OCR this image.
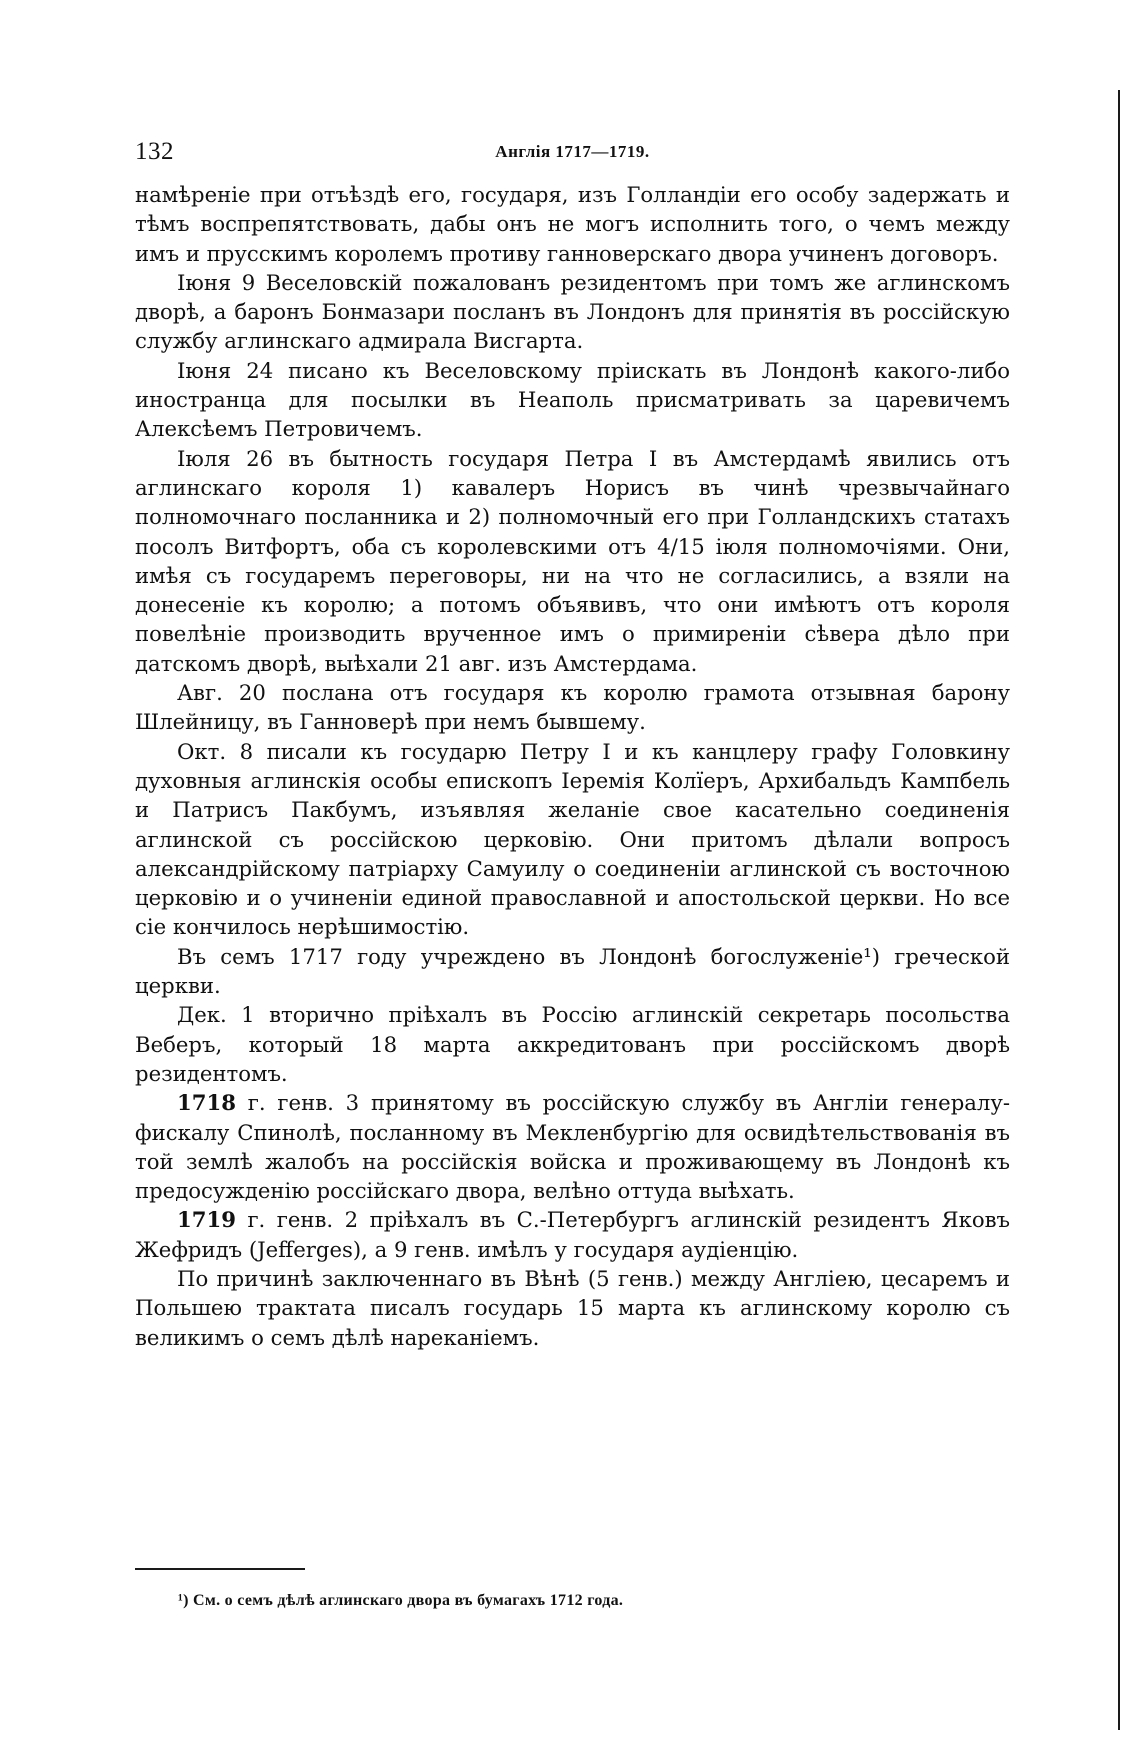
132	Англія 1717—1719.

намѣреніе при отъѣздѣ его, государя, изъ Голландіи его особу задержать и тѣмъ воспрепятствовать, дабы онъ не могъ исполнить того, о чемъ между имъ и прусскимъ королемъ противу ганноверскаго двора учиненъ договоръ.

Іюня 9 Веселовскій пожалованъ резидентомъ при томъ же аглинскомъ дворѣ, а баронъ Бонмазари посланъ въ Лондонъ для принятія въ россійскую службу аглинскаго адмирала Висгарта.

Іюня 24 писано къ Веселовскому пріискать въ Лондонѣ какого-либо иностранца для посылки въ Неаполь присматривать за царевичемъ Алексѣемъ Петровичемъ.

Іюля 26 въ бытность государя Петра I въ Амстердамѣ явились отъ аглинскаго короля 1) кавалеръ Норисъ въ чинѣ чрезвычайнаго полномочнаго посланника и 2) полномочный его при Голландскихъ статахъ посолъ Витфортъ, оба съ королевскими отъ 4/15 іюля полномочіями. Они, имѣя съ государемъ переговоры, ни на что не согласились, а взяли на донесеніе къ королю; а потомъ объявивъ, что они имѣютъ отъ короля повелѣніе производить врученное имъ о примиреніи сѣвера дѣло при датскомъ дворѣ, выѣхали 21 авг. изъ Амстердама.

Авг. 20 послана отъ государя къ королю грамота отзывная барону Шлейницу, въ Ганноверѣ при немъ бывшему.

Окт. 8 писали къ государю Петру I и къ канцлеру графу Головкину духовныя аглинскія особы епископъ Іеремія Колїеръ, Архибальдъ Кампбель и Патрисъ Пакбумъ, изъявляя желаніе свое касательно соединенія аглинской съ россійскою церковію. Они притомъ дѣлали вопросъ александрійскому патріарху Самуилу о соединеніи аглинской съ восточною церковію и о учиненіи единой православной и апостольской церкви. Но все сіе кончилось нерѣшимостію.

Въ семъ 1717 году учреждено въ Лондонѣ богослуженіе¹) греческой церкви.

Дек. 1 вторично пріѣхалъ въ Россію аглинскій секретарь посольства Веберъ, который 18 марта аккредитованъ при россійскомъ дворѣ резидентомъ.

1718 г. генв. 3 принятому въ россійскую службу въ Англіи генералу-фискалу Спинолѣ, посланному въ Мекленбургію для освидѣтельствованія въ той землѣ жалобъ на россійскія войска и проживающему въ Лондонѣ къ предосужденію россійскаго двора, велѣно оттуда выѣхать.

1719 г. генв. 2 пріѣхалъ въ С.-Петербургъ аглинскій резидентъ Яковъ Жефридъ (Jefferges), а 9 генв. имѣлъ у государя аудіенцію.

По причинѣ заключеннаго въ Вѣнѣ (5 генв.) между Англіею, цесаремъ и Польшею трактата писалъ государь 15 марта къ аглинскому королю съ великимъ о семъ дѣлѣ нареканіемъ.

¹) См. о семъ дѣлѣ аглинскаго двора въ бумагахъ 1712 года.
